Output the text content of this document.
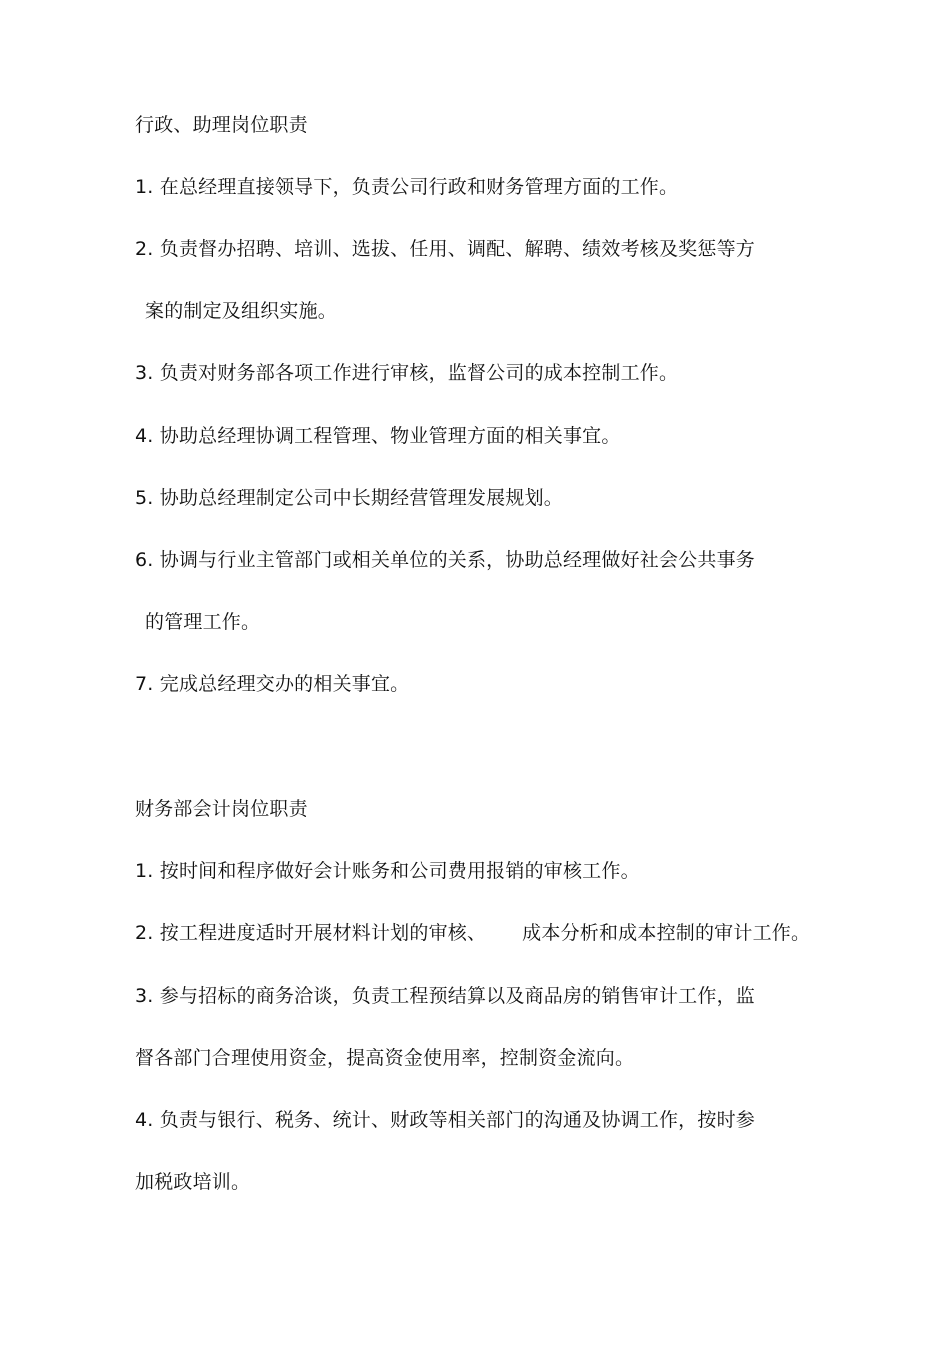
行政、助理岗位职责
1. 在总经理直接领导下，负责公司行政和财务管理方面的工作。
2. 负责督办招聘、培训、选拔、任用、调配、解聘、绩效考核及奖惩等方
案的制定及组织实施。
3. 负责对财务部各项工作进行审核，监督公司的成本控制工作。
4. 协助总经理协调工程管理、物业管理方面的相关事宜。
5. 协助总经理制定公司中长期经营管理发展规划。
6. 协调与行业主管部门或相关单位的关系，协助总经理做好社会公共事务
的管理工作。
7. 完成总经理交办的相关事宜。
财务部会计岗位职责
1. 按时间和程序做好会计账务和公司费用报销的审核工作。
2. 按工程进度适时开展材料计划的审核、 成本分析和成本控制的审计工作。
3. 参与招标的商务洽谈，负责工程预结算以及商品房的销售审计工作，监
督各部门合理使用资金，提高资金使用率，控制资金流向。
4. 负责与银行、税务、统计、财政等相关部门的沟通及协调工作，按时参
加税政培训。
